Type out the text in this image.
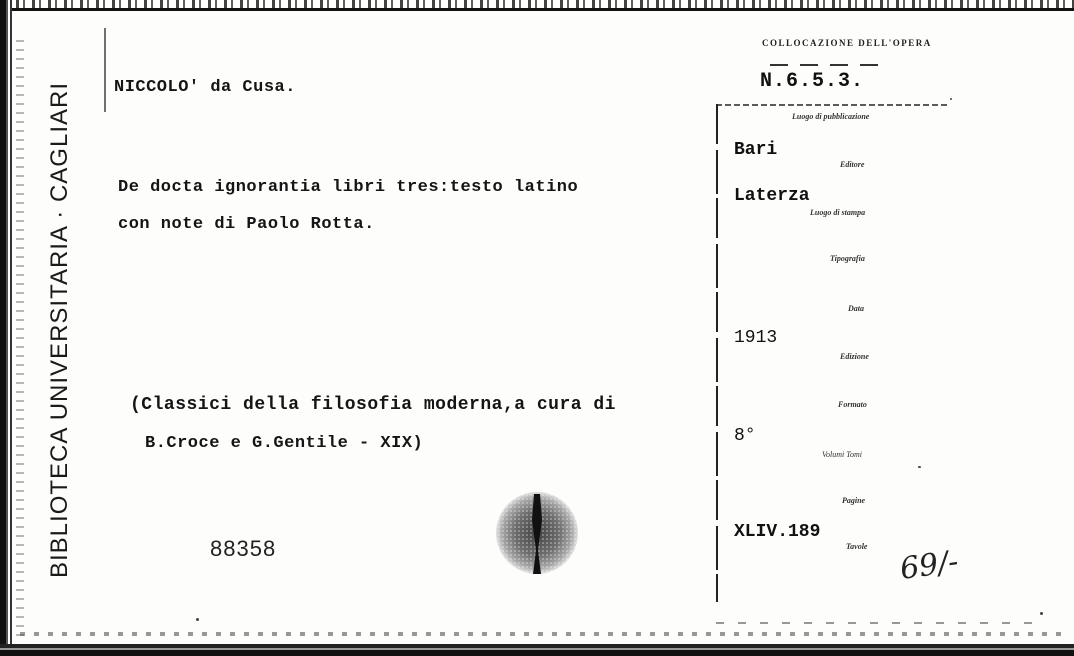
BIBLIOTECA UNIVERSITARIA · CAGLIARI NICCOLO' da Cusa.
De docta ignorantia libri tres:testo latino
con note di Paolo Rotta.
(Classici della filosofia moderna,a cura di
B.Croce e G.Gentile - XIX)
88358
COLLOCAZIONE DELL'OPERA
N.6.5.3.
Luogo di pubblicazione
Bari
Editore
Laterza
Luogo di stampa
Tipografia
Data
1913
Edizione
Formato
8°
Volumi Tomi
Pagine
XLIV.189
Tavole 69/-
